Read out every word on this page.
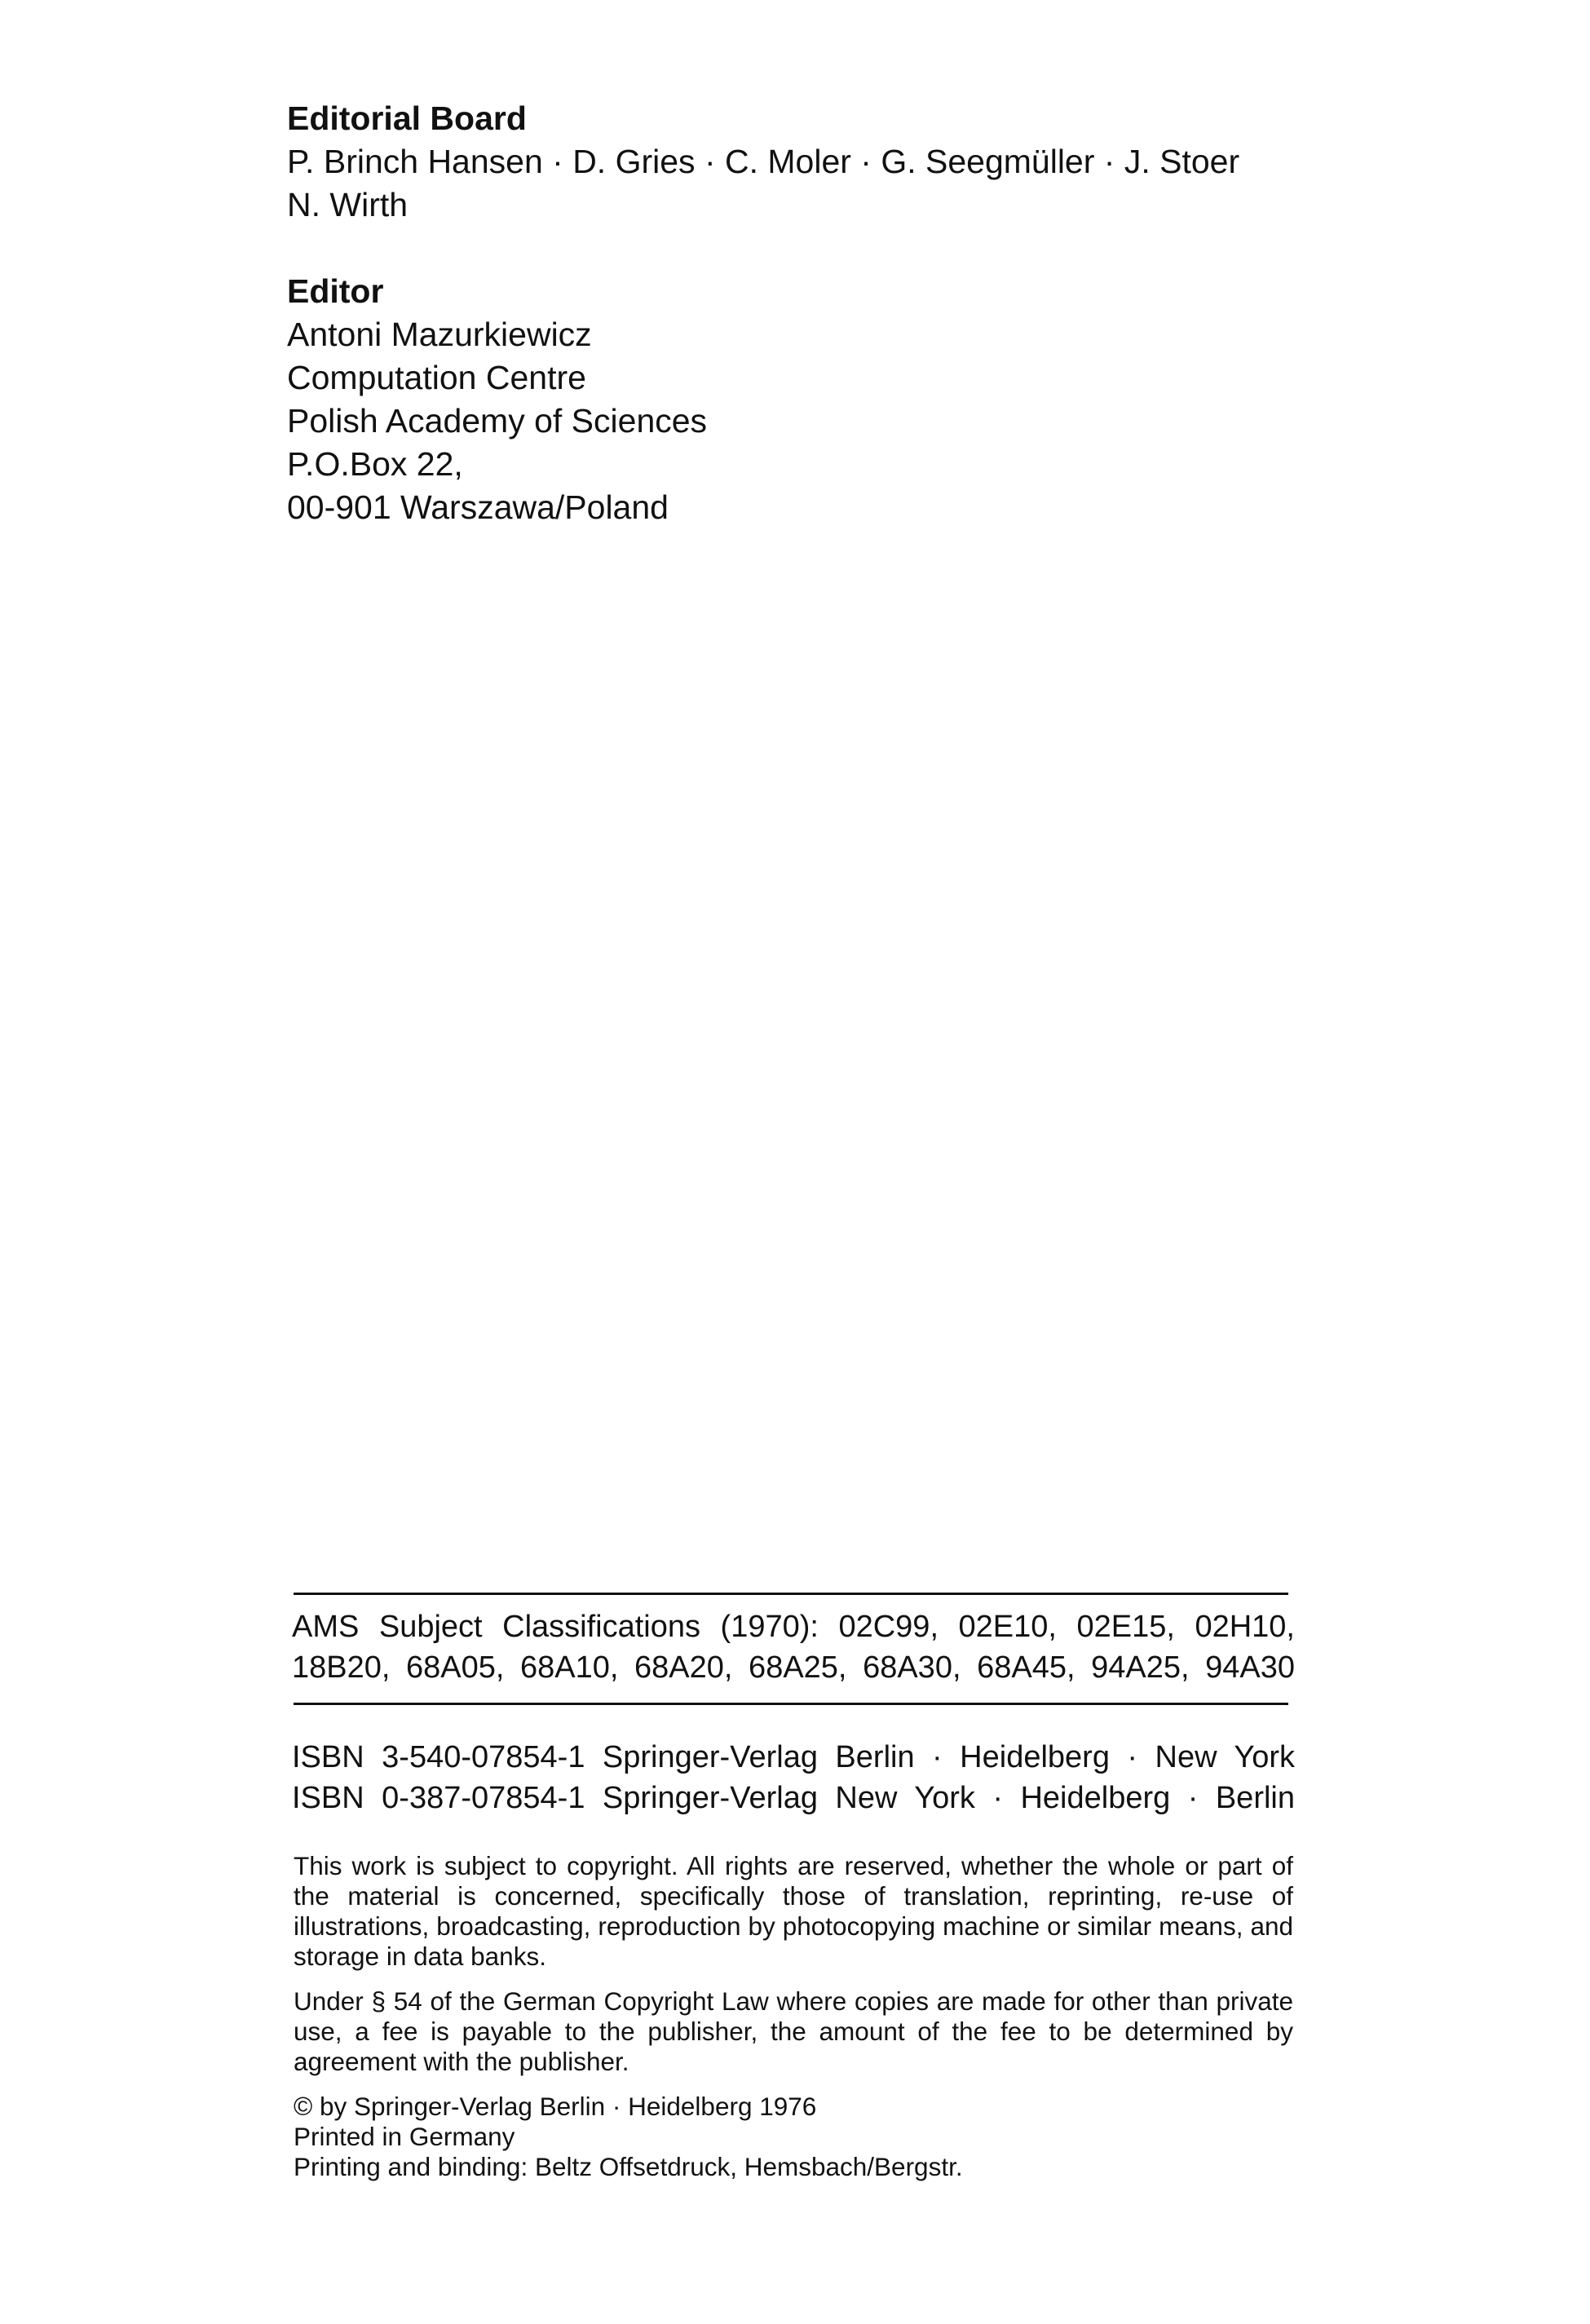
Editorial Board
P. Brinch Hansen · D. Gries · C. Moler · G. Seegmüller · J. Stoer
N. Wirth
Editor
Antoni Mazurkiewicz
Computation Centre
Polish Academy of Sciences
P.O.Box 22,
00-901 Warszawa/Poland
AMS Subject Classifications (1970): 02C99, 02E10, 02E15, 02H10,
18B20, 68A05, 68A10, 68A20, 68A25, 68A30, 68A45, 94A25, 94A30
ISBN 3-540-07854-1 Springer-Verlag Berlin · Heidelberg · New York
ISBN 0-387-07854-1 Springer-Verlag New York · Heidelberg · Berlin

This work is subject to copyright. All rights are reserved, whether the whole or part of the material is concerned, specifically those of translation, reprinting, re-use of illustrations, broadcasting, reproduction by photocopying machine or similar means, and storage in data banks.

Under § 54 of the German Copyright Law where copies are made for other than private use, a fee is payable to the publisher, the amount of the fee to be determined by agreement with the publisher.

© by Springer-Verlag Berlin · Heidelberg 1976
Printed in Germany
Printing and binding: Beltz Offsetdruck, Hemsbach/Bergstr.
